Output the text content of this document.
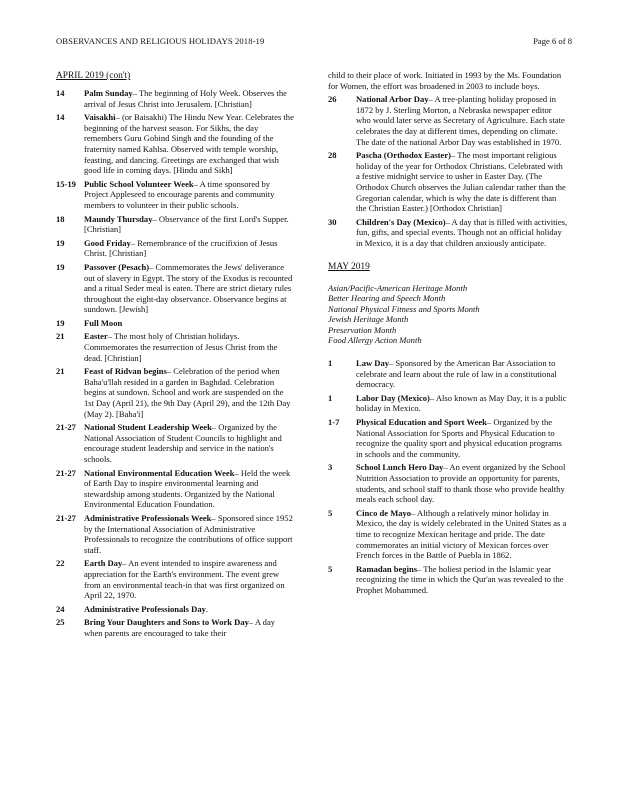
OBSERVANCES AND RELIGIOUS HOLIDAYS 2018-19	Page 6 of 8
APRIL 2019 (con't)
14	Palm Sunday– The beginning of Holy Week. Observes the arrival of Jesus Christ into Jerusalem. [Christian]
14	Vaisakhi– (or Baisakhi) The Hindu New Year. Celebrates the beginning of the harvest season. For Sikhs, the day remembers Guru Gobind Singh and the founding of the fraternity named Kahlsa. Observed with temple worship, feasting, and dancing. Greetings are exchanged that wish good life in coming days. [Hindu and Sikh]
15-19 Public School Volunteer Week– A time sponsored by Project Appleseed to encourage parents and community members to volunteer in their public schools.
18	Maundy Thursday– Observance of the first Lord's Supper. [Christian]
19	Good Friday– Remembrance of the crucifixion of Jesus Christ. [Christian]
19	Passover (Pesach)– Commemorates the Jews' deliverance out of slavery in Egypt. The story of the Exodus is recounted and a ritual Seder meal is eaten. There are strict dietary rules throughout the eight-day observance. Observance begins at sundown. [Jewish]
19	Full Moon
21	Easter– The most holy of Christian holidays. Commemorates the resurrection of Jesus Christ from the dead. [Christian]
21	Feast of Ridvan begins– Celebration of the period when Baha'u'llah resided in a garden in Baghdad. Celebration begins at sundown. School and work are suspended on the 1st Day (April 21), the 9th Day (April 29), and the 12th Day (May 2). [Baha'i]
21-27 National Student Leadership Week– Organized by the National Association of Student Councils to highlight and encourage student leadership and service in the nation's schools.
21-27 National Environmental Education Week– Held the week of Earth Day to inspire environmental learning and stewardship among students. Organized by the National Environmental Education Foundation.
21-27 Administrative Professionals Week– Sponsored since 1952 by the International Association of Administrative Professionals to recognize the contributions of office support staff.
22	Earth Day– An event intended to inspire awareness and appreciation for the Earth's environment. The event grew from an environmental teach-in that was first organized on April 22, 1970.
24	Administrative Professionals Day.
25	Bring Your Daughters and Sons to Work Day– A day when parents are encouraged to take their
child to their place of work. Initiated in 1993 by the Ms. Foundation for Women, the effort was broadened in 2003 to include boys.
26	National Arbor Day– A tree-planting holiday proposed in 1872 by J. Sterling Morton, a Nebraska newspaper editor who would later serve as Secretary of Agriculture. Each state celebrates the day at different times, depending on climate. The date of the national Arbor Day was established in 1970.
28	Pascha (Orthodox Easter)– The most important religious holiday of the year for Orthodox Christians. Celebrated with a festive midnight service to usher in Easter Day. (The Orthodox Church observes the Julian calendar rather than the Gregorian calendar, which is why the date is different than the Christian Easter.) [Orthodox Christian]
30	Children's Day (Mexico)– A day that is filled with activities, fun, gifts, and special events. Though not an official holiday in Mexico, it is a day that children anxiously anticipate.
MAY 2019
Asian/Pacific-American Heritage Month
Better Hearing and Speech Month
National Physical Fitness and Sports Month
Jewish Heritage Month
Preservation Month
Food Allergy Action Month
1	Law Day– Sponsored by the American Bar Association to celebrate and learn about the rule of law in a constitutional democracy.
1	Labor Day (Mexico)– Also known as May Day, it is a public holiday in Mexico.
1-7	Physical Education and Sport Week– Organized by the National Association for Sports and Physical Education to recognize the quality sport and physical education programs in schools and the community.
3	School Lunch Hero Day– An event organized by the School Nutrition Association to provide an opportunity for parents, students, and school staff to thank those who provide healthy meals each school day.
5	Cinco de Mayo– Although a relatively minor holiday in Mexico, the day is widely celebrated in the United States as a time to recognize Mexican heritage and pride. The date commemorates an initial victory of Mexican forces over French forces in the Battle of Puebla in 1862.
5	Ramadan begins– The holiest period in the Islamic year recognizing the time in which the Qur'an was revealed to the Prophet Mohammed.
